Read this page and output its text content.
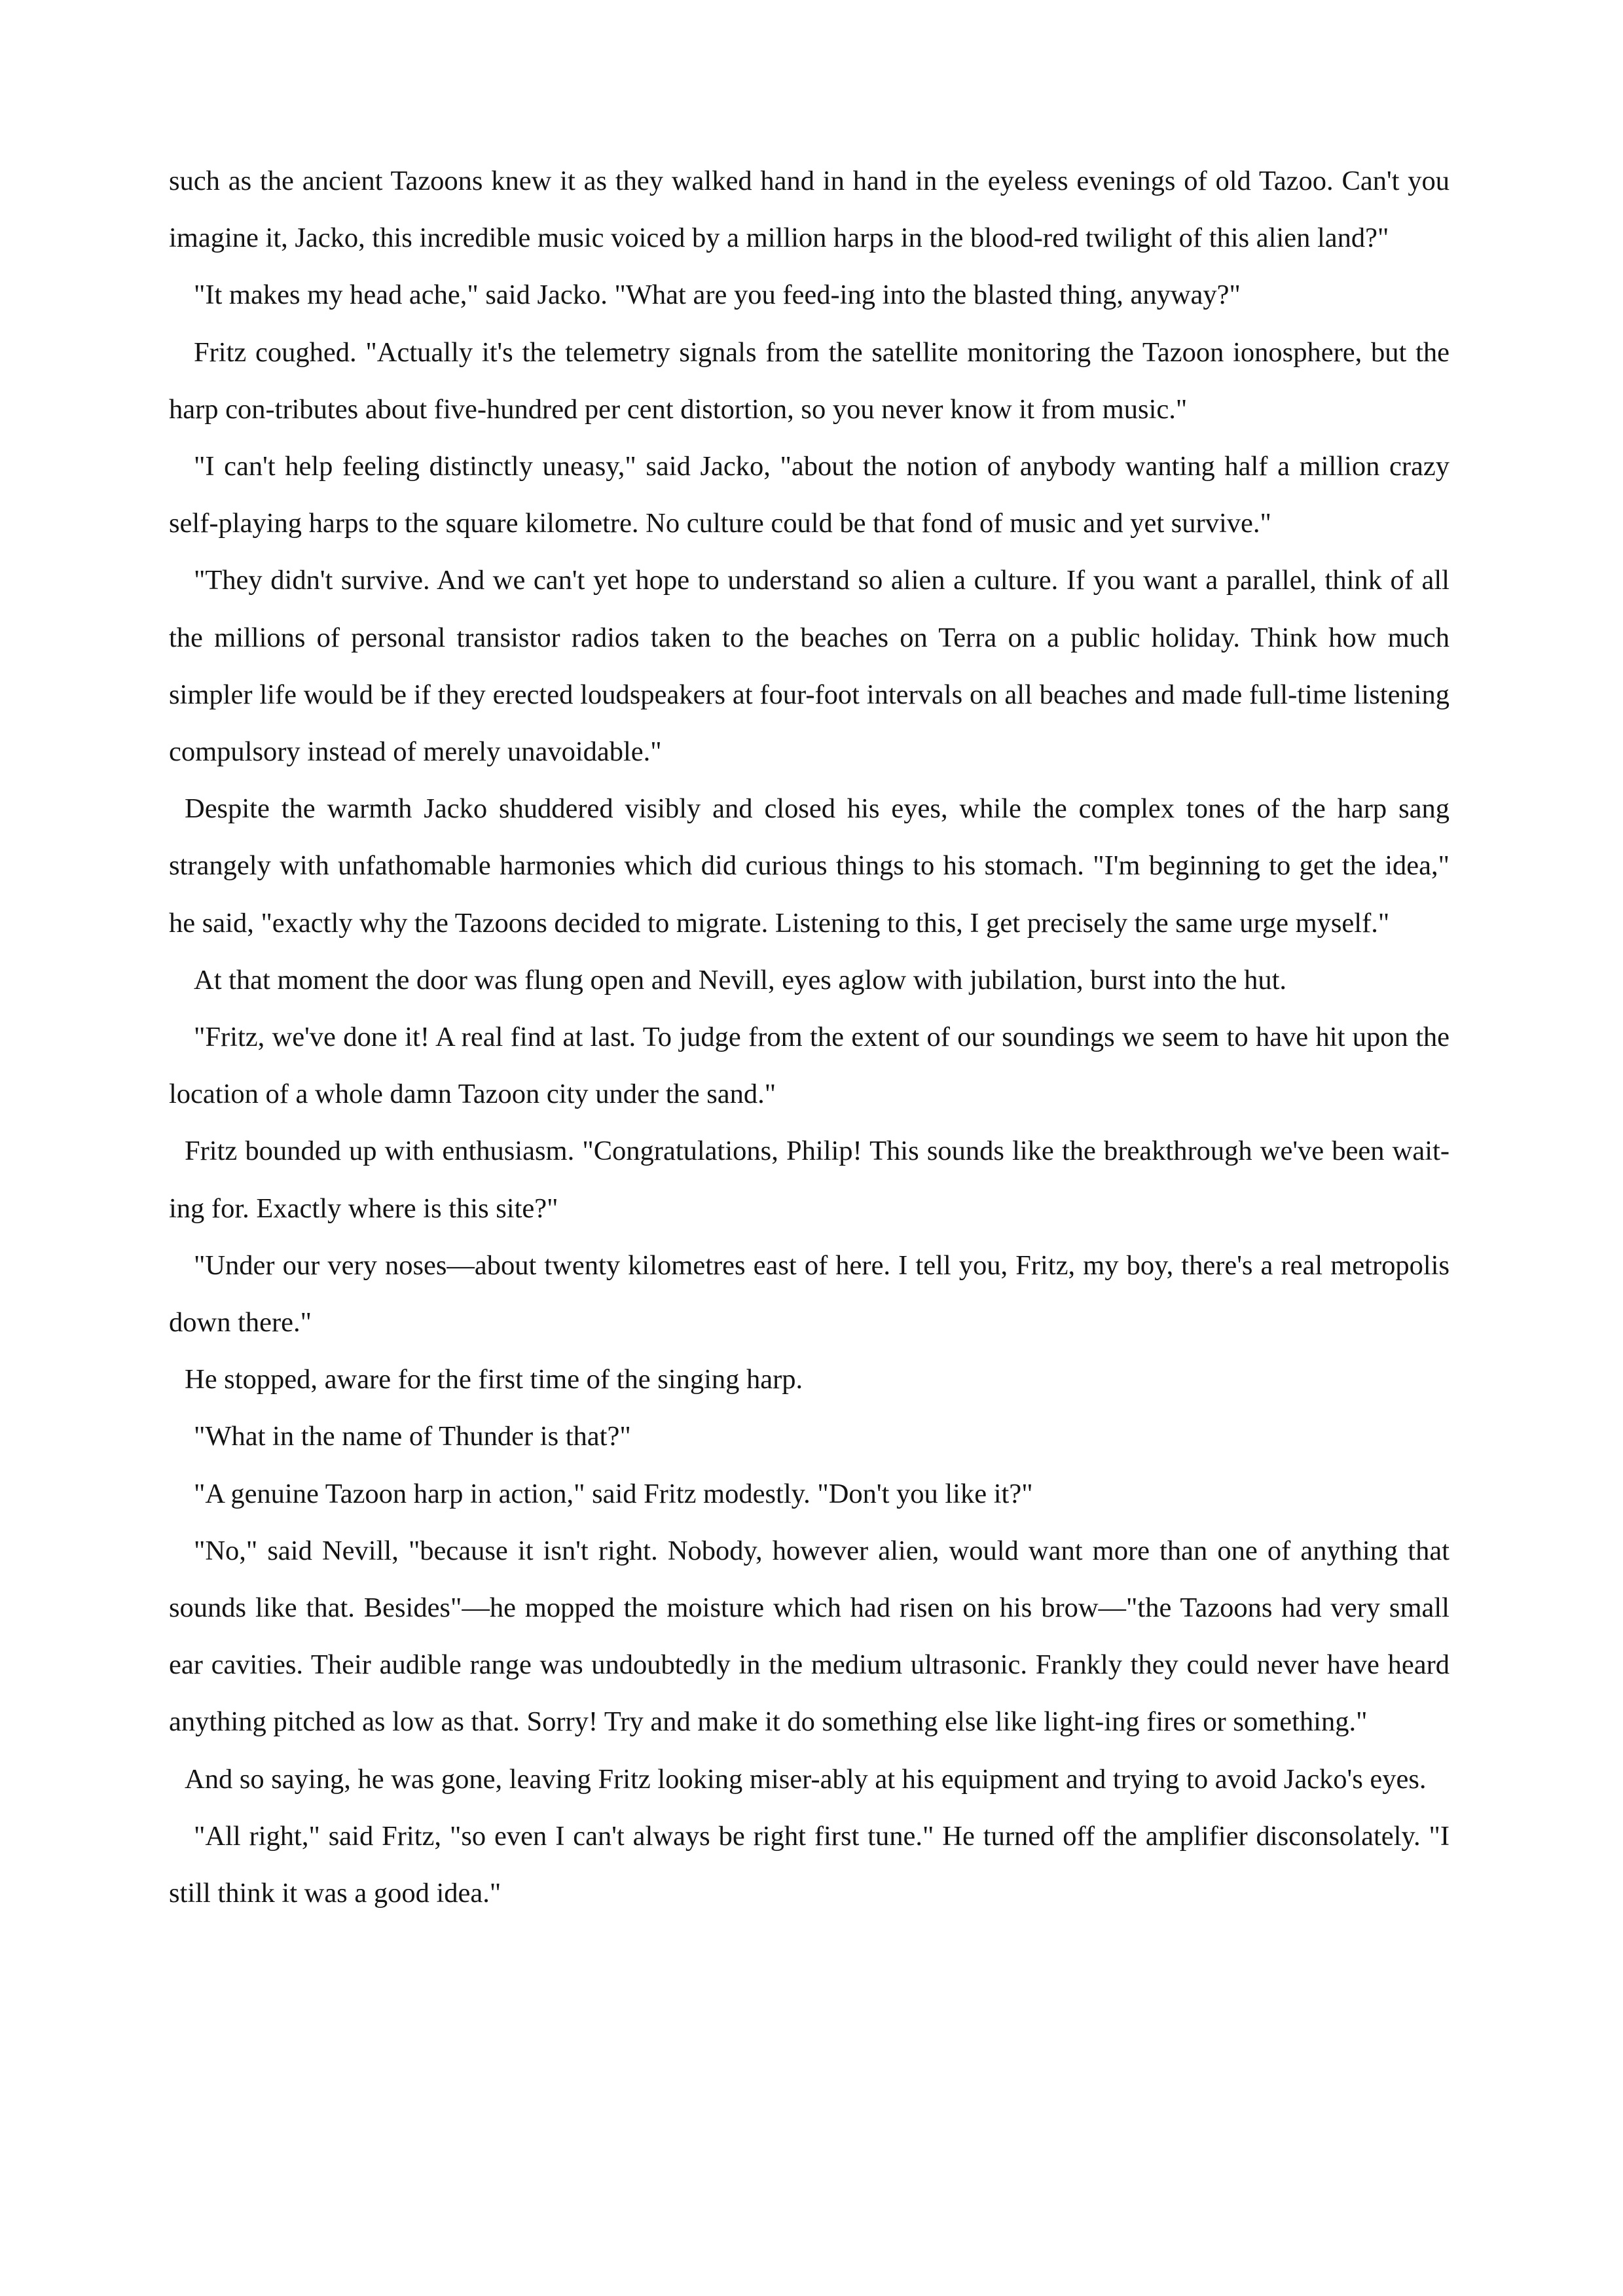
such as the ancient Tazoons knew it as they walked hand in hand in the eyeless evenings of old Tazoo. Can't you imagine it, Jacko, this incredible music voiced by a million harps in the blood-red twilight of this alien land?"

"It makes my head ache," said Jacko. "What are you feed-ing into the blasted thing, anyway?"

Fritz coughed. "Actually it's the telemetry signals from the satellite monitoring the Tazoon ionosphere, but the harp con-tributes about five-hundred per cent distortion, so you never know it from music."

"I can't help feeling distinctly uneasy," said Jacko, "about the notion of anybody wanting half a million crazy self-playing harps to the square kilometre. No culture could be that fond of music and yet survive."

"They didn't survive. And we can't yet hope to understand so alien a culture. If you want a parallel, think of all the millions of personal transistor radios taken to the beaches on Terra on a public holiday. Think how much simpler life would be if they erected loudspeakers at four-foot intervals on all beaches and made full-time listening compulsory instead of merely unavoidable."

Despite the warmth Jacko shuddered visibly and closed his eyes, while the complex tones of the harp sang strangely with unfathomable harmonies which did curious things to his stomach. "I'm beginning to get the idea," he said, "exactly why the Tazoons decided to migrate. Listening to this, I get precisely the same urge myself."

At that moment the door was flung open and Nevill, eyes aglow with jubilation, burst into the hut.

"Fritz, we've done it! A real find at last. To judge from the extent of our soundings we seem to have hit upon the location of a whole damn Tazoon city under the sand."

Fritz bounded up with enthusiasm. "Congratulations, Philip! This sounds like the breakthrough we've been wait-ing for. Exactly where is this site?"

"Under our very noses—about twenty kilometres east of here. I tell you, Fritz, my boy, there's a real metropolis down there."

He stopped, aware for the first time of the singing harp.

"What in the name of Thunder is that?"

"A genuine Tazoon harp in action," said Fritz modestly. "Don't you like it?"

"No," said Nevill, "because it isn't right. Nobody, however alien, would want more than one of anything that sounds like that. Besides"—he mopped the moisture which had risen on his brow—"the Tazoons had very small ear cavities. Their audible range was undoubtedly in the medium ultrasonic. Frankly they could never have heard anything pitched as low as that. Sorry! Try and make it do something else like light-ing fires or something."

And so saying, he was gone, leaving Fritz looking miser-ably at his equipment and trying to avoid Jacko's eyes.

"All right," said Fritz, "so even I can't always be right first tune." He turned off the amplifier disconsolately. "I still think it was a good idea."
